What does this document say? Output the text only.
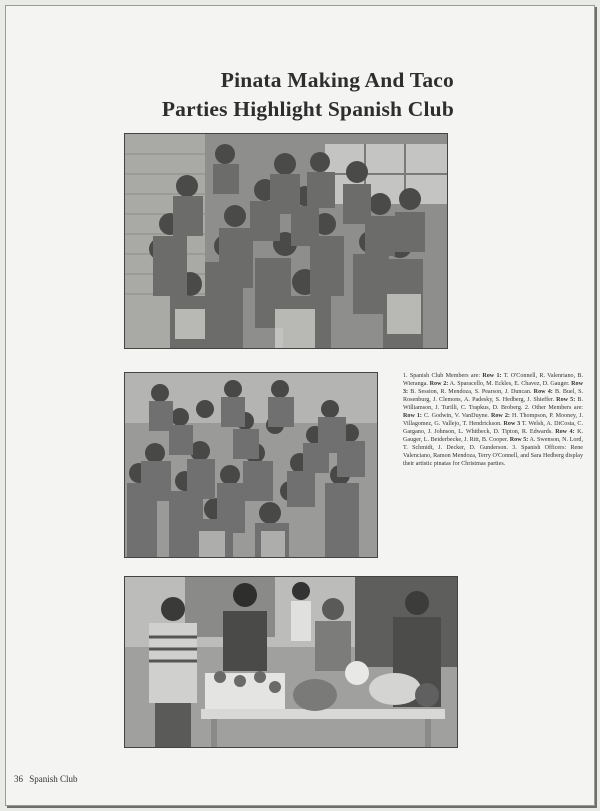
Pinata Making And Taco
Parties Highlight Spanish Club
1. Spanish Club Members are: Row 1: T. O'Connell, R. Valenriano, B. Wieranga. Row 2: A. Sparacello, M. Eckles, E. Chavez, D. Gauger. Row 3: B. Session, R. Mendoza, S. Pearson, J. Duncan. Row 4: B. Buel, S. Rosenburg, J. Clemons, A. Padesky, S. Hedberg, J. Shieffer. Row 5: B. Williamson, J. Turilli, C. Trapkus, D. Broberg. 2. Other Members are: Row 1: C. Godwin, V. VanDuyne. Row 2: H. Thompson, P. Mooney, J. Villagomez, G. Vallejo, T. Hendrickson. Row 3 T. Welsh, A. DiCosta, C. Gargano, J. Johnson, L. Whitbeck, D. Tipton, R. Edwards. Row 4: K. Gauger, L. Beiderbecke, J. Ritt, B. Cooper. Row 5: A. Swenson, N. Lord, T. Schmidt, J. Decker, D. Gunderson. 3. Spanish Officers: Rene Valenciano, Ramon Mendoza, Terry O'Connell, and Sara Hedberg display their artistic pinatas for Christmas parties.
36 Spanish Club
